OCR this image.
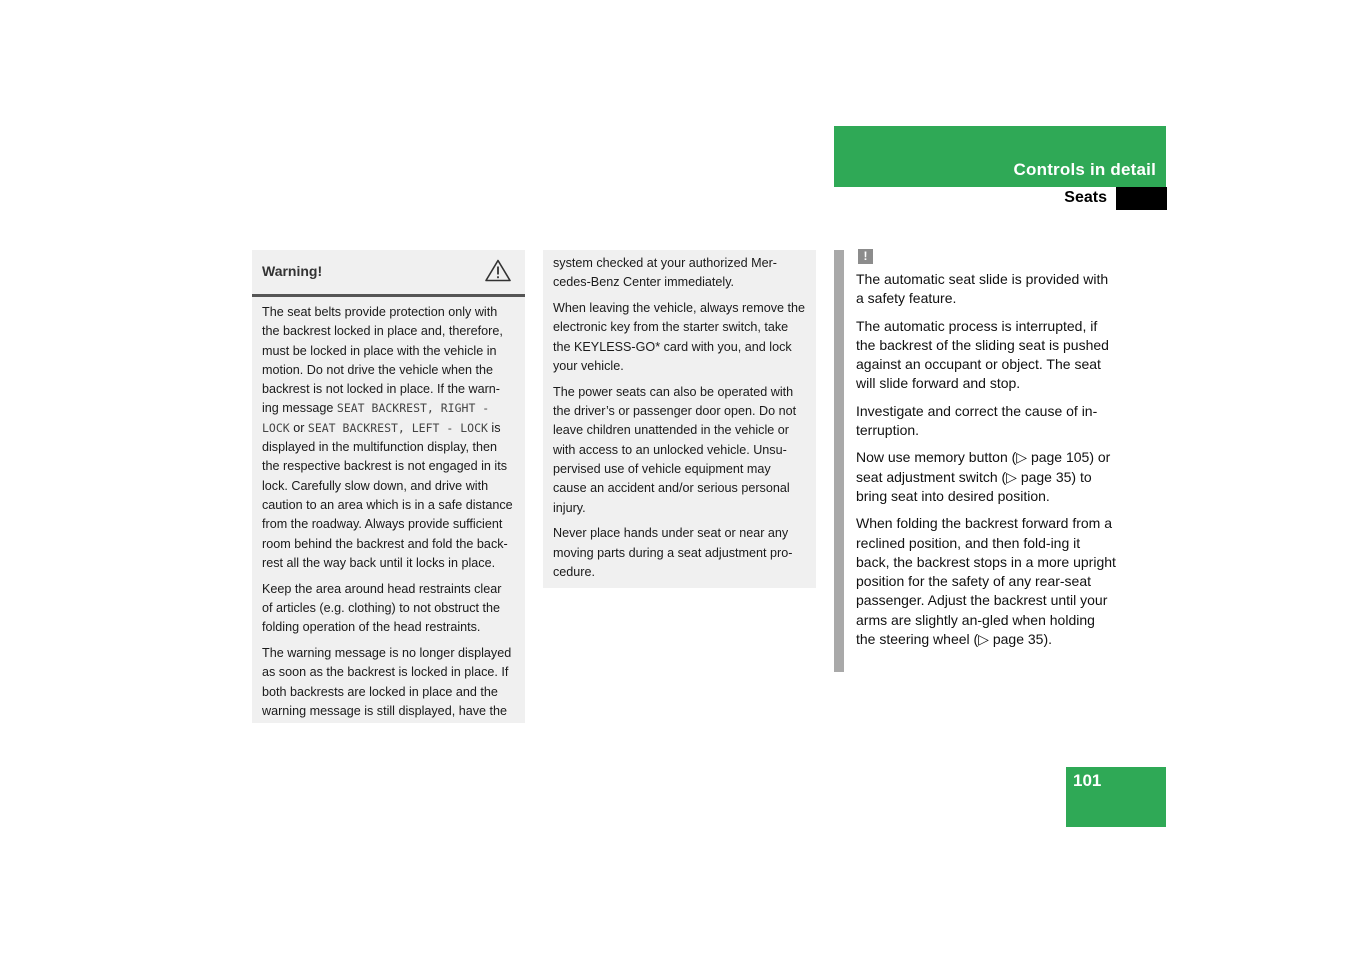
Controls in detail
Seats
Warning!

The seat belts provide protection only with the backrest locked in place and, therefore, must be locked in place with the vehicle in motion. Do not drive the vehicle when the backrest is not locked in place. If the warn-ing message SEAT BACKREST, RIGHT - LOCK or SEAT BACKREST, LEFT - LOCK is displayed in the multifunction display, then the respective backrest is not engaged in its lock. Carefully slow down, and drive with caution to an area which is in a safe distance from the roadway. Always provide sufficient room behind the backrest and fold the back-rest all the way back until it locks in place.

Keep the area around head restraints clear of articles (e.g. clothing) to not obstruct the folding operation of the head restraints.

The warning message is no longer displayed as soon as the backrest is locked in place. If both backrests are locked in place and the warning message is still displayed, have the

system checked at your authorized Mer-cedes-Benz Center immediately.

When leaving the vehicle, always remove the electronic key from the starter switch, take the KEYLESS-GO* card with you, and lock your vehicle.

The power seats can also be operated with the driver’s or passenger door open. Do not leave children unattended in the vehicle or with access to an unlocked vehicle. Unsu-pervised use of vehicle equipment may cause an accident and/or serious personal injury.

Never place hands under seat or near any moving parts during a seat adjustment pro-cedure.

!

The automatic seat slide is provided with a safety feature.

The automatic process is interrupted, if the backrest of the sliding seat is pushed against an occupant or object. The seat will slide forward and stop.

Investigate and correct the cause of in-terruption.

Now use memory button (▷ page 105) or seat adjustment switch (▷ page 35) to bring seat into desired position.

When folding the backrest forward from a reclined position, and then fold-ing it back, the backrest stops in a more upright position for the safety of any rear-seat passenger. Adjust the backrest until your arms are slightly an-gled when holding the steering wheel (▷ page 35).

101
